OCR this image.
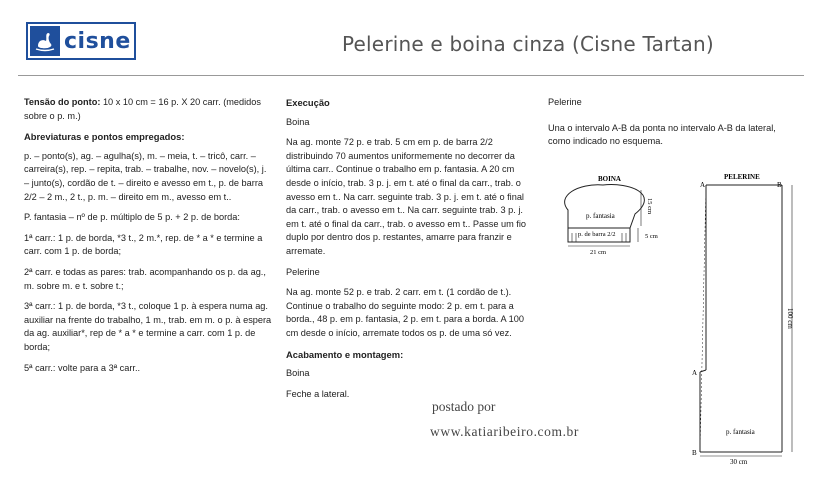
cisne	Pelerine e boina cinza (Cisne Tartan)

Tensão do ponto: 10 x 10 cm = 16 p. X 20 carr. (medidos sobre o p. m.)

Abreviaturas e pontos empregados:

p. – ponto(s), ag. – agulha(s), m. – meia, t. – tricô, carr. – carreira(s), rep. – repita, trab. – trabalhe, nov. – novelo(s), j. – junto(s), cordão de t. – direito e avesso em t., p. de barra 2/2 – 2 m., 2 t., p. m. – direito em m., avesso em t..

P. fantasia – nº de p. múltiplo de 5 p. + 2 p. de borda:

1ª carr.: 1 p. de borda, *3 t., 2 m.*, rep. de * a * e termine a carr. com 1 p. de borda;

2ª carr. e todas as pares: trab. acompanhando os p. da ag., m. sobre m. e t. sobre t.;

3ª carr.: 1 p. de borda, *3 t., coloque 1 p. à espera numa ag. auxiliar na frente do trabalho, 1 m., trab. em m. o p. à espera da ag. auxiliar*, rep de * a * e termine a carr. com 1 p. de borda;

5ª carr.: volte para a 3ª carr..

Execução

Boina

Na ag. monte 72 p. e trab. 5 cm em p. de barra 2/2 distribuindo 70 aumentos uniformemente no decorrer da última carr.. Continue o trabalho em p. fantasia. A 20 cm desde o início, trab. 3 p. j. em t. até o final da carr., trab. o avesso em t.. Na carr. seguinte trab. 3 p. j. em t. até o final da carr., trab. o avesso em t.. Na carr. seguinte trab. 3 p. j. em t. até o final da carr., trab. o avesso em t.. Passe um fio duplo por dentro dos p. restantes, amarre para franzir e arremate.

Pelerine

Na ag. monte 52 p. e trab. 2 carr. em t. (1 cordão de t.). Continue o trabalho do seguinte modo: 2 p. em t. para a borda., 48 p. em p. fantasia, 2 p. em t. para a borda. A 100 cm desde o início, arremate todos os p. de uma só vez.

Acabamento e montagem:

Boina

Feche a lateral.

Pelerine

Una o intervalo A-B da ponta no intervalo A-B da lateral, como indicado no esquema.

BOINA
p. fantasia
p. de barra 2/2
15 cm
5 cm
21 cm
PELERINE
A	B
A
B
100 cm
p. fantasia
30 cm
postado por
www.katiaribeiro.com.br
